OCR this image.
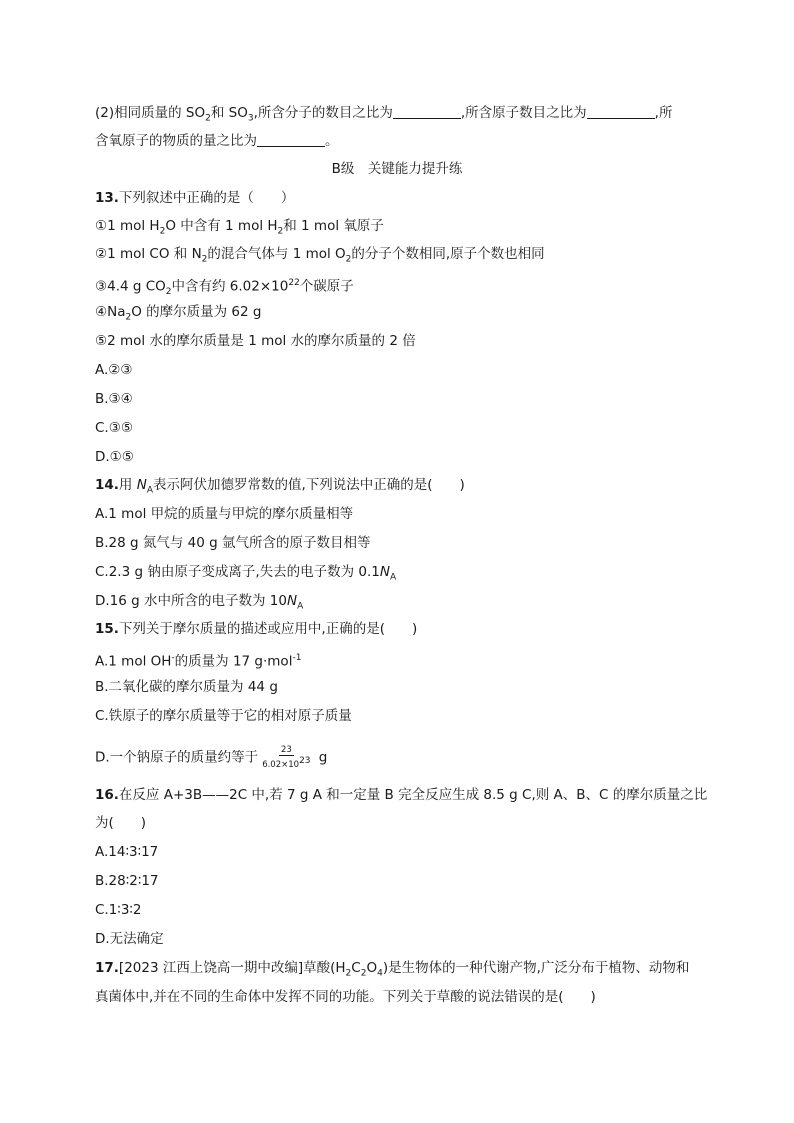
(2)相同质量的 $SO_2$和 $SO_3$,所含分子的数目之比为	,所含原子数目之比为	,所
含氧原子的物质的量之比为	。
B级　关键能力提升练
13.下列叙述中正确的是（　　）
①1 mol $H_2O$ 中含有 1 mol $H_2$和 1 mol 氧原子
②1 mol CO 和 $N_2$的混合气体与 1 mol $O_2$的分子个数相同,原子个数也相同
③4.4 g $CO_2$中含有约 $6.02\times 10^{22}$个碳原子
$④Na_2O$ 的摩尔质量为 62 g
⑤2 mol 水的摩尔质量是 1 mol 水的摩尔质量的 2 倍
A.②③
B.③④
C.③⑤
D.①⑤
14.用 $N_A$表示阿伏加德罗常数的值,下列说法中正确的是(　　)
A.1 mol 甲烷的质量与甲烷的摩尔质量相等
B.28 g 氮气与 40 g 氩气所含的原子数目相等
C.2.3 g 钠由原子变成离子,失去的电子数为 $0.1N_A$
D.16 g 水中所含的电子数为 $10N_A$
15.下列关于摩尔质量的描述或应用中,正确的是(　　)
A.1 mol OH-的质量为 17 g·mol$^{-1}$
B.二氧化碳的摩尔质量为 44 g
C.铁原子的摩尔质量等于它的相对原子质量
D.一个钠原子的质量约等于 $\frac{23}{6.02\times 10^{23}}$ g
16.在反应 A+3B——2C 中,若 7 g A 和一定量 B 完全反应生成 8.5 g C,则 A、B、C 的摩尔质量之比
为(　　)
A.14∶3∶17
B.28∶2∶17
C.1∶3∶2
D.无法确定
17.[2023 江西上饶高一期中改编]草酸$(H_2C_2O_4)$是生物体的一种代谢产物,广泛分布于植物、动物和
真菌体中,并在不同的生命体中发挥不同的功能。下列关于草酸的说法错误的是(　　)
